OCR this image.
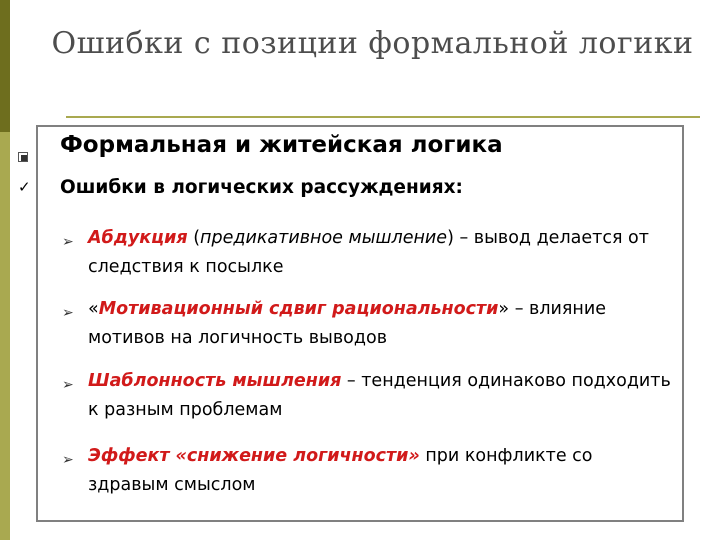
Ошибки с позиции формальной логики

Формальная и житейская логика

✓ Ошибки в логических рассуждениях:

➢ Абдукция (предикативное мышление) – вывод делается от следствия к посылке

➢ «Мотивационный сдвиг рациональности» – влияние мотивов на логичность выводов

➢ Шаблонность мышления – тенденция одинаково подходить к разным проблемам

➢ Эффект «снижение логичности» при конфликте со здравым смыслом
